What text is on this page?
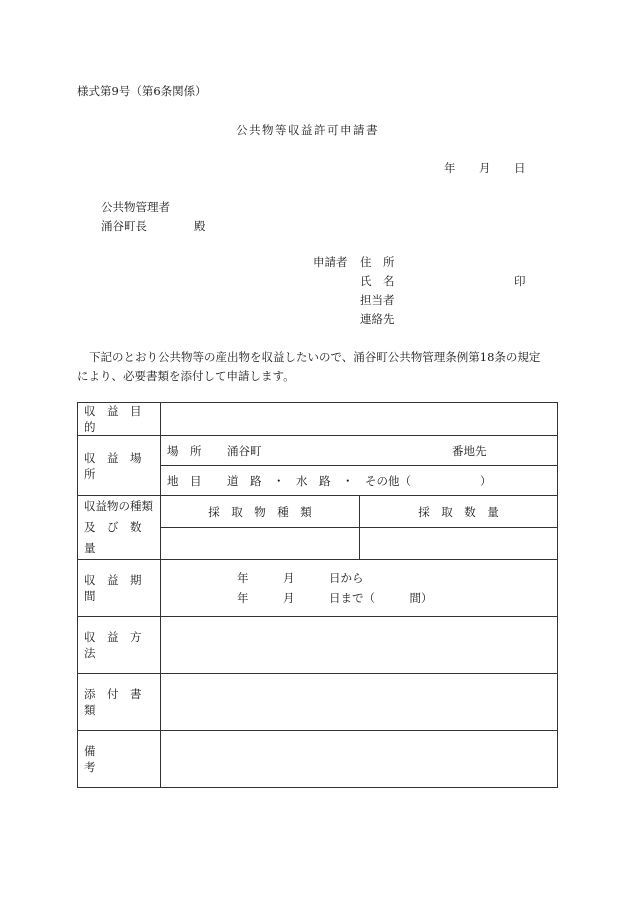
様式第9号（第6条関係）
公共物等収益許可申請書
年 月 日
公共物管理者
涌谷町長	殿
申請者 住　所
氏　名	印
担当者
連絡先
下記のとおり公共物等の産出物を収益したいので、涌谷町公共物管理条例第18条の規定
により、必要書類を添付して申請します。
収　益　目　的		
収　益　場　所	場　所 涌谷町 番地先	

	地　目 道　路　・　水　路　・　その他（　　　　　　）	

収益物の種類
及　び　数　量	採　取　物　種　類	採　取　数　量

収　益　期　間	年　　　月　　　日から
年　　　月　　　日まで（　　　間）	

収　益　方　法		
添　付　書　類		
備　　　　　考		
